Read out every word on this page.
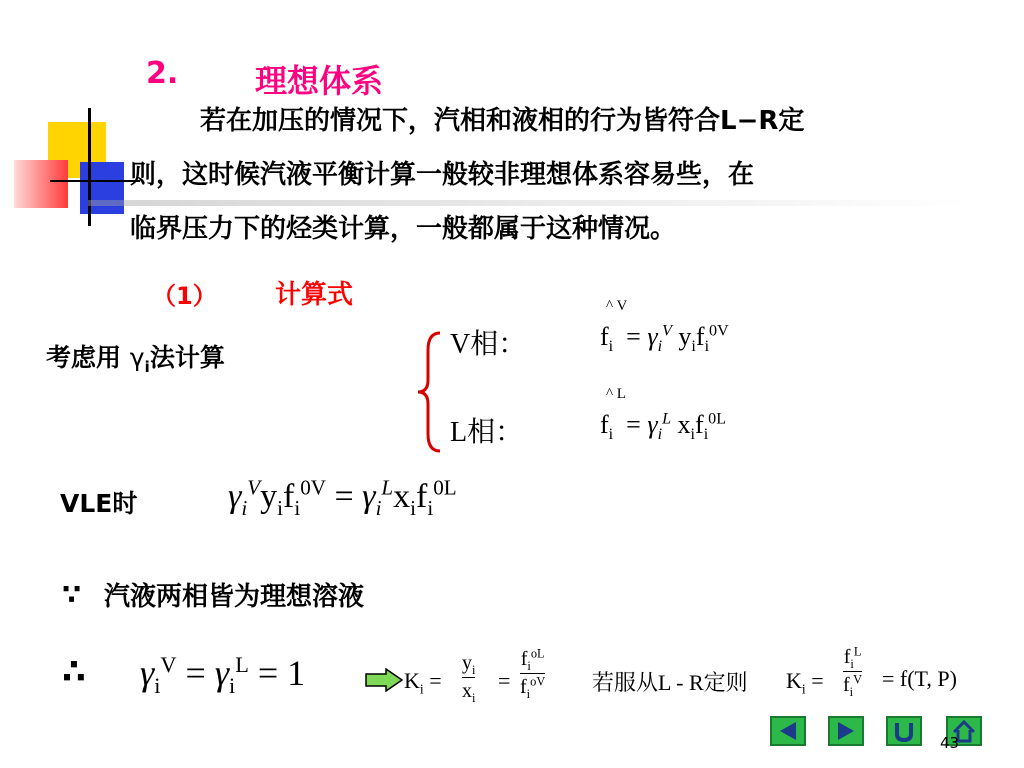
2. 理想体系
若在加压的情况下，汽相和液相的行为皆符合L−R定
则，这时候汽液平衡计算一般较非理想体系容易些，在
临界压力下的烃类计算，一般都属于这种情况。
（1） 计算式
考虑用 $\gamma_i$法计算	V相：
^ V
$f_i = \gamma_i^V$ $y_if_i^{0V}$
L相：
^ L
$f_i = \gamma_i^L$ $x_if_i^{0L}$
VLE时	$\gamma_i^Vy_if_i^{0V} = \gamma_i^Lx_if_i^{0L}$
∵ 汽液两相皆为理想溶液
∴ $\gamma_i^V = \gamma_i^L = 1$	$K_i$ =
$y_i$
$x_i$
=
$f_i^{oL}$
$f_i^{oV}$ 若服从L - R定则 $K_i$ =
$f_i^L$
$f_i^V = f(T$, P)
43
